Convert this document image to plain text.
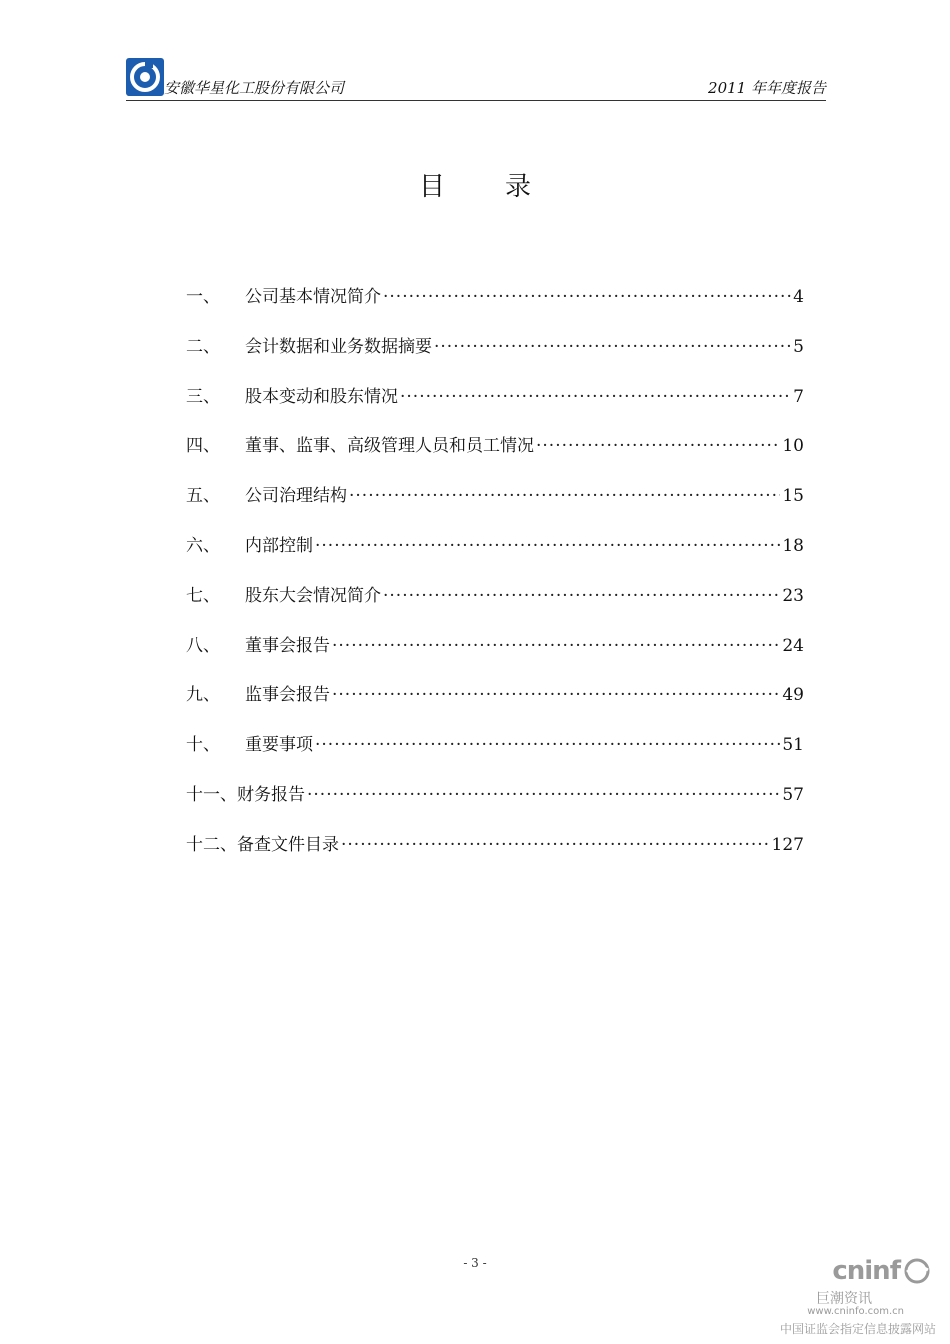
安徽华星化工股份有限公司	2011 年年度报告
目 录
一、	公司基本情况简介 ·····	4
二、	会计数据和业务数据摘要 ·····	5
三、	股本变动和股东情况 ·····	7
四、	董事、监事、高级管理人员和员工情况 ·····	10
五、	公司治理结构 ·····	15
六、	内部控制 ·····	18
七、	股东大会情况简介 ·····	23
八、	董事会报告 ·····	24
九、	监事会报告 ·····	49
十、	重要事项 ·····	51
十一、 财务报告 ·····	57
十二、 备查文件目录 ·····	127
- 3 -	cninf
巨潮资讯
www.cninfo.com.cn
中国证监会指定信息披露网站
